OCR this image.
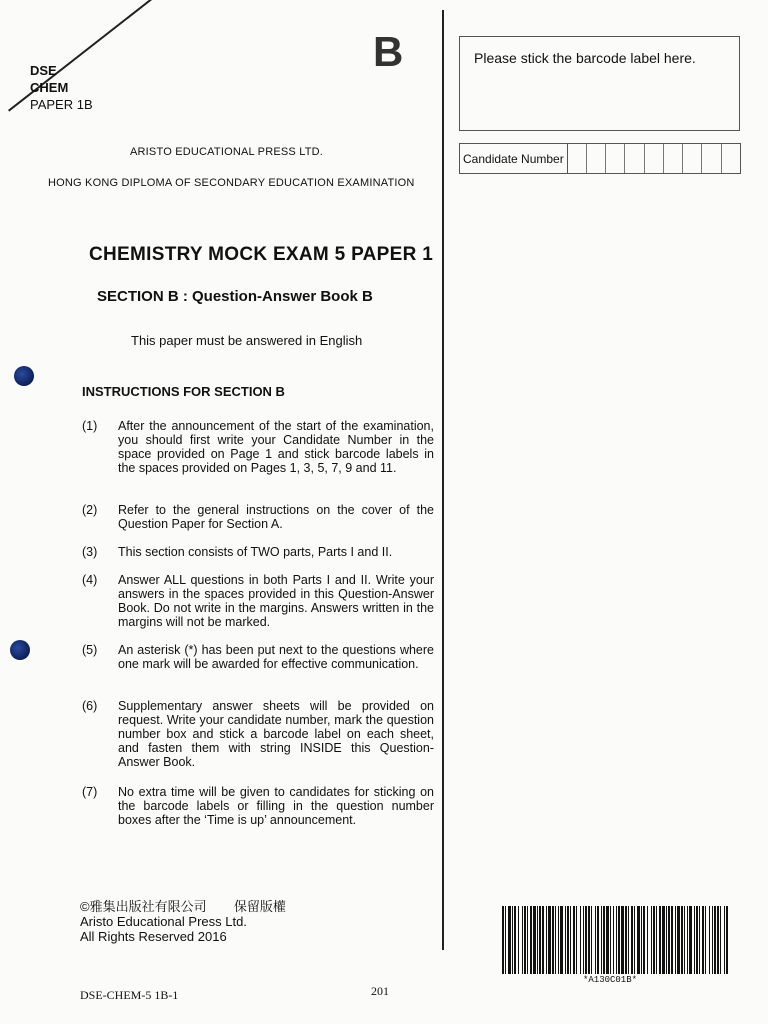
DSE
CHEM
PAPER 1B
B
ARISTO EDUCATIONAL PRESS LTD.
HONG KONG DIPLOMA OF SECONDARY EDUCATION EXAMINATION
CHEMISTRY MOCK EXAM 5 PAPER 1
SECTION B : Question-Answer Book B
This paper must be answered in English
INSTRUCTIONS FOR SECTION B
(1) After the announcement of the start of the examination, you should first write your Candidate Number in the space provided on Page 1 and stick barcode labels in the spaces provided on Pages 1, 3, 5, 7, 9 and 11.
(2) Refer to the general instructions on the cover of the Question Paper for Section A.
(3) This section consists of TWO parts, Parts I and II.
(4) Answer ALL questions in both Parts I and II. Write your answers in the spaces provided in this Question-Answer Book. Do not write in the margins. Answers written in the margins will not be marked.
(5) An asterisk (*) has been put next to the questions where one mark will be awarded for effective communication.
(6) Supplementary answer sheets will be provided on request. Write your candidate number, mark the question number box and stick a barcode label on each sheet, and fasten them with string INSIDE this Question-Answer Book.
(7) No extra time will be given to candidates for sticking on the barcode labels or filling in the question number boxes after the ‘Time is up’ announcement.
Please stick the barcode label here.
Candidate Number
©雅集出版社有限公司 保留版權
Aristo Educational Press Ltd.
All Rights Reserved 2016
*A130C01B*
DSE-CHEM-5 1B-1	201
